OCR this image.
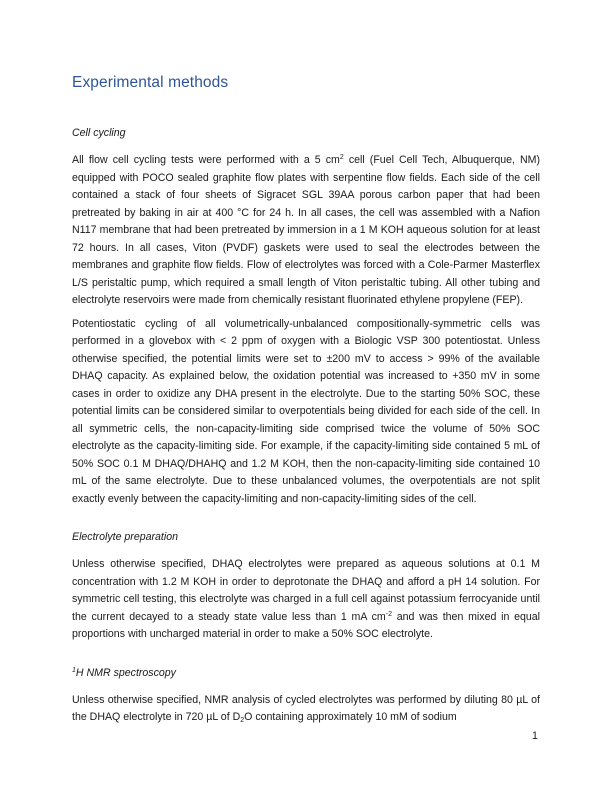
Experimental methods
Cell cycling

All flow cell cycling tests were performed with a 5 $cm^2$ cell (Fuel Cell Tech, Albuquerque, NM) equipped with POCO sealed graphite flow plates with serpentine flow fields. Each side of the cell contained a stack of four sheets of Sigracet SGL 39AA porous carbon paper that had been pretreated by baking in air at 400 °C for 24 h. In all cases, the cell was assembled with a Nafion N117 membrane that had been pretreated by immersion in a 1 M KOH aqueous solution for at least 72 hours. In all cases, Viton (PVDF) gaskets were used to seal the electrodes between the membranes and graphite flow fields. Flow of electrolytes was forced with a Cole-Parmer Masterflex L/S peristaltic pump, which required a small length of Viton peristaltic tubing. All other tubing and electrolyte reservoirs were made from chemically resistant fluorinated ethylene propylene (FEP).

Potentiostatic cycling of all volumetrically-unbalanced compositionally-symmetric cells was performed in a glovebox with < 2 ppm of oxygen with a Biologic VSP 300 potentiostat. Unless otherwise specified, the potential limits were set to ±200 mV to access > 99% of the available DHAQ capacity. As explained below, the oxidation potential was increased to +350 mV in some cases in order to oxidize any DHA present in the electrolyte. Due to the starting 50% SOC, these potential limits can be considered similar to overpotentials being divided for each side of the cell. In all symmetric cells, the non-capacity-limiting side comprised twice the volume of 50% SOC electrolyte as the capacity-limiting side. For example, if the capacity-limiting side contained 5 mL of 50% SOC 0.1 M DHAQ/DHAHQ and 1.2 M KOH, then the non-capacity-limiting side contained 10 mL of the same electrolyte. Due to these unbalanced volumes, the overpotentials are not split exactly evenly between the capacity-limiting and non-capacity-limiting sides of the cell.

Electrolyte preparation

Unless otherwise specified, DHAQ electrolytes were prepared as aqueous solutions at 0.1 M concentration with 1.2 M KOH in order to deprotonate the DHAQ and afford a pH 14 solution. For symmetric cell testing, this electrolyte was charged in a full cell against potassium ferrocyanide until the current decayed to a steady state value less than 1 mA $cm^{-2}$ and was then mixed in equal proportions with uncharged material in order to make a 50% SOC electrolyte.

$^1$H NMR spectroscopy

Unless otherwise specified, NMR analysis of cycled electrolytes was performed by diluting 80 µL of the DHAQ electrolyte in 720 µL of $D_2O$ containing approximately 10 mM of sodium

1
